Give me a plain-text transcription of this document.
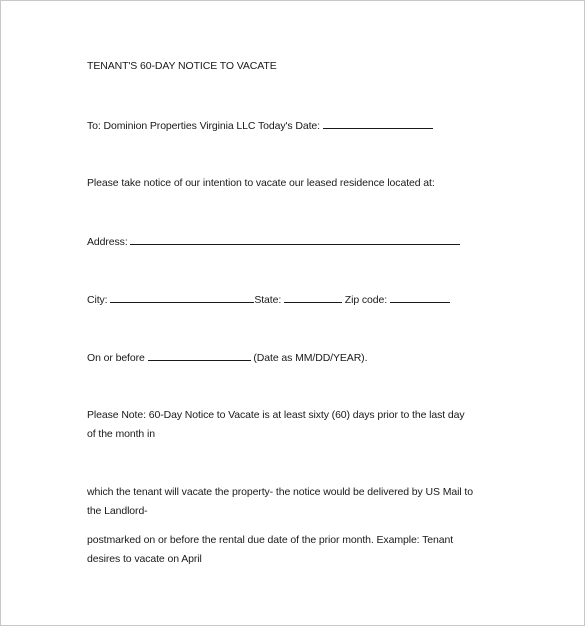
TENANT'S 60-DAY NOTICE TO VACATE
To: Dominion Properties Virginia LLC Today's Date:
Please take notice of our intention to vacate our leased residence located at:
Address:
City:	State:	Zip code:
On or before	(Date as MM/DD/YEAR).
Please Note: 60-Day Notice to Vacate is at least sixty (60) days prior to the last day
of the month in
which the tenant will vacate the property- the notice would be delivered by US Mail to
the Landlord-
postmarked on or before the rental due date of the prior month. Example: Tenant
desires to vacate on April
